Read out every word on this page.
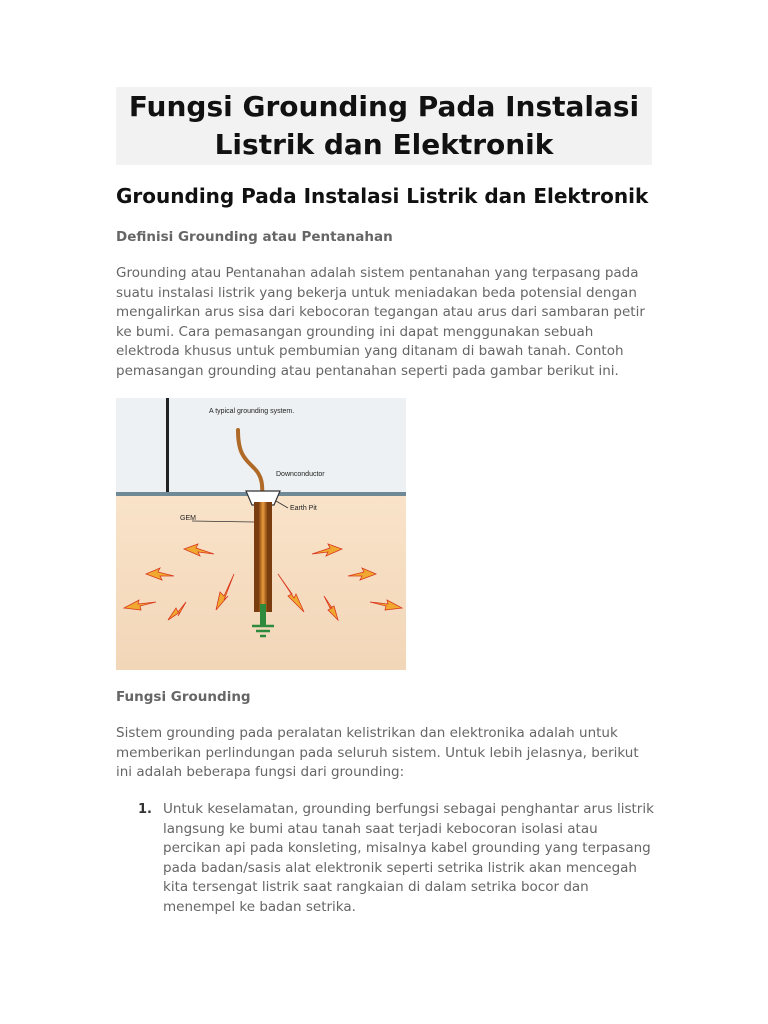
Fungsi Grounding Pada Instalasi Listrik dan Elektronik
Grounding Pada Instalasi Listrik dan Elektronik
Definisi Grounding atau Pentanahan

Grounding atau Pentanahan adalah sistem pentanahan yang terpasang pada suatu instalasi listrik yang bekerja untuk meniadakan beda potensial dengan mengalirkan arus sisa dari kebocoran tegangan atau arus dari sambaran petir ke bumi. Cara pemasangan grounding ini dapat menggunakan sebuah elektroda khusus untuk pembumian yang ditanam di bawah tanah. Contoh pemasangan grounding atau pentanahan seperti pada gambar berikut ini.

A typical grounding system.
Downconductor
Earth Pit
GEM
Fungsi Grounding

Sistem grounding pada peralatan kelistrikan dan elektronika adalah untuk memberikan perlindungan pada seluruh sistem. Untuk lebih jelasnya, berikut ini adalah beberapa fungsi dari grounding:

1. Untuk keselamatan, grounding berfungsi sebagai penghantar arus listrik langsung ke bumi atau tanah saat terjadi kebocoran isolasi atau percikan api pada konsleting, misalnya kabel grounding yang terpasang pada badan/sasis alat elektronik seperti setrika listrik akan mencegah kita tersengat listrik saat rangkaian di dalam setrika bocor dan menempel ke badan setrika.
